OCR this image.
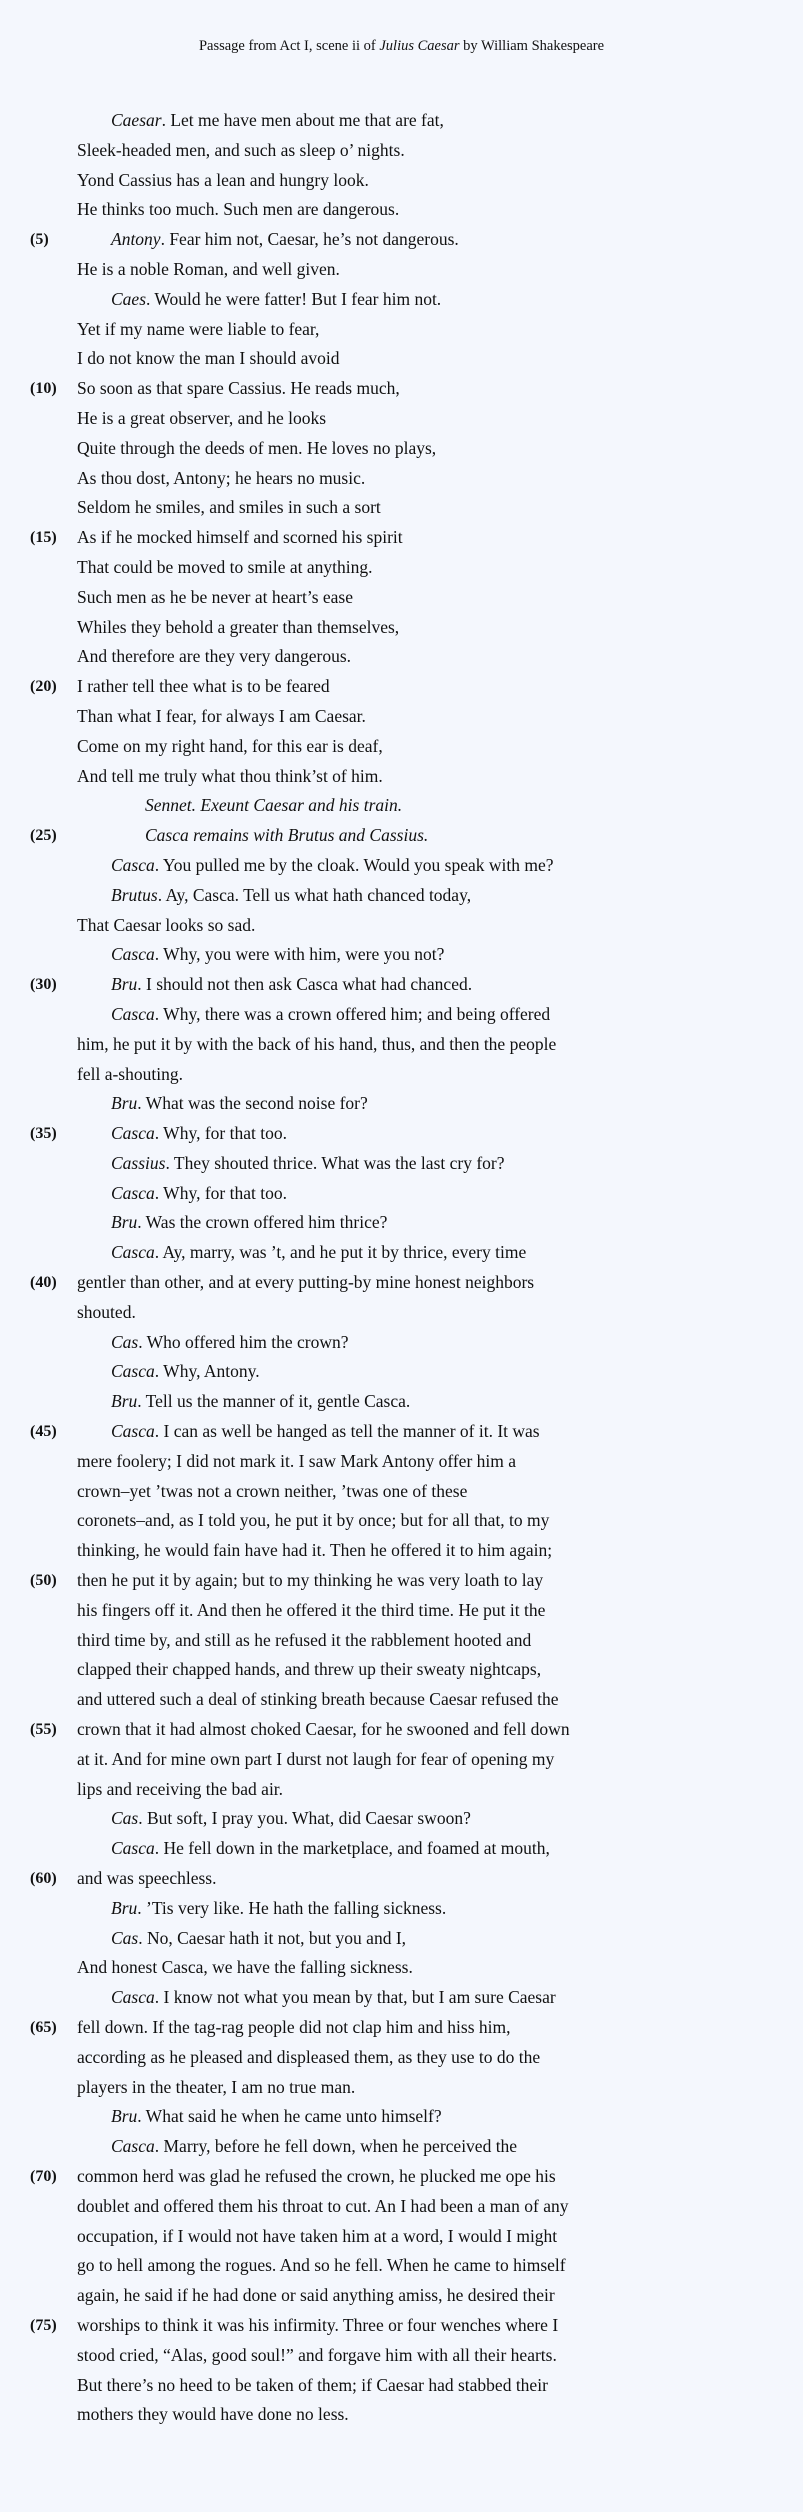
Passage from Act I, scene ii of Julius Caesar by William Shakespeare
Caesar. Let me have men about me that are fat,
Sleek-headed men, and such as sleep o’ nights.
Yond Cassius has a lean and hungry look.
He thinks too much. Such men are dangerous.
(5)	Antony. Fear him not, Caesar, he’s not dangerous.
He is a noble Roman, and well given.
Caes. Would he were fatter! But I fear him not.
Yet if my name were liable to fear,
I do not know the man I should avoid
(10) So soon as that spare Cassius. He reads much,
He is a great observer, and he looks
Quite through the deeds of men. He loves no plays,
As thou dost, Antony; he hears no music.
Seldom he smiles, and smiles in such a sort
(15) As if he mocked himself and scorned his spirit
That could be moved to smile at anything.
Such men as he be never at heart’s ease
Whiles they behold a greater than themselves,
And therefore are they very dangerous.
(20) I rather tell thee what is to be feared
Than what I fear, for always I am Caesar.
Come on my right hand, for this ear is deaf,
And tell me truly what thou think’st of him.
Sennet. Exeunt Caesar and his train.
(25)	Casca remains with Brutus and Cassius.
Casca. You pulled me by the cloak. Would you speak with me?
Brutus. Ay, Casca. Tell us what hath chanced today,
That Caesar looks so sad.
Casca. Why, you were with him, were you not?
(30)	Bru. I should not then ask Casca what had chanced.
Casca. Why, there was a crown offered him; and being offered
him, he put it by with the back of his hand, thus, and then the people
fell a-shouting.
Bru. What was the second noise for?
(35)	Casca. Why, for that too.
Cassius. They shouted thrice. What was the last cry for?
Casca. Why, for that too.
Bru. Was the crown offered him thrice?
Casca. Ay, marry, was ’t, and he put it by thrice, every time
(40) gentler than other, and at every putting-by mine honest neighbors
shouted.
Cas. Who offered him the crown?
Casca. Why, Antony.
Bru. Tell us the manner of it, gentle Casca.
(45)	Casca. I can as well be hanged as tell the manner of it. It was
mere foolery; I did not mark it. I saw Mark Antony offer him a
crown–yet ’twas not a crown neither, ’twas one of these
coronets–and, as I told you, he put it by once; but for all that, to my
thinking, he would fain have had it. Then he offered it to him again;
(50) then he put it by again; but to my thinking he was very loath to lay
his fingers off it. And then he offered it the third time. He put it the
third time by, and still as he refused it the rabblement hooted and
clapped their chapped hands, and threw up their sweaty nightcaps,
and uttered such a deal of stinking breath because Caesar refused the
(55) crown that it had almost choked Caesar, for he swooned and fell down
at it. And for mine own part I durst not laugh for fear of opening my
lips and receiving the bad air.
Cas. But soft, I pray you. What, did Caesar swoon?
Casca. He fell down in the marketplace, and foamed at mouth,
(60) and was speechless.
Bru. ’Tis very like. He hath the falling sickness.
Cas. No, Caesar hath it not, but you and I,
And honest Casca, we have the falling sickness.
Casca. I know not what you mean by that, but I am sure Caesar
(65) fell down. If the tag-rag people did not clap him and hiss him,
according as he pleased and displeased them, as they use to do the
players in the theater, I am no true man.
Bru. What said he when he came unto himself?
Casca. Marry, before he fell down, when he perceived the
(70) common herd was glad he refused the crown, he plucked me ope his
doublet and offered them his throat to cut. An I had been a man of any
occupation, if I would not have taken him at a word, I would I might
go to hell among the rogues. And so he fell. When he came to himself
again, he said if he had done or said anything amiss, he desired their
(75) worships to think it was his infirmity. Three or four wenches where I
stood cried, “Alas, good soul!” and forgave him with all their hearts.
But there’s no heed to be taken of them; if Caesar had stabbed their
mothers they would have done no less.
